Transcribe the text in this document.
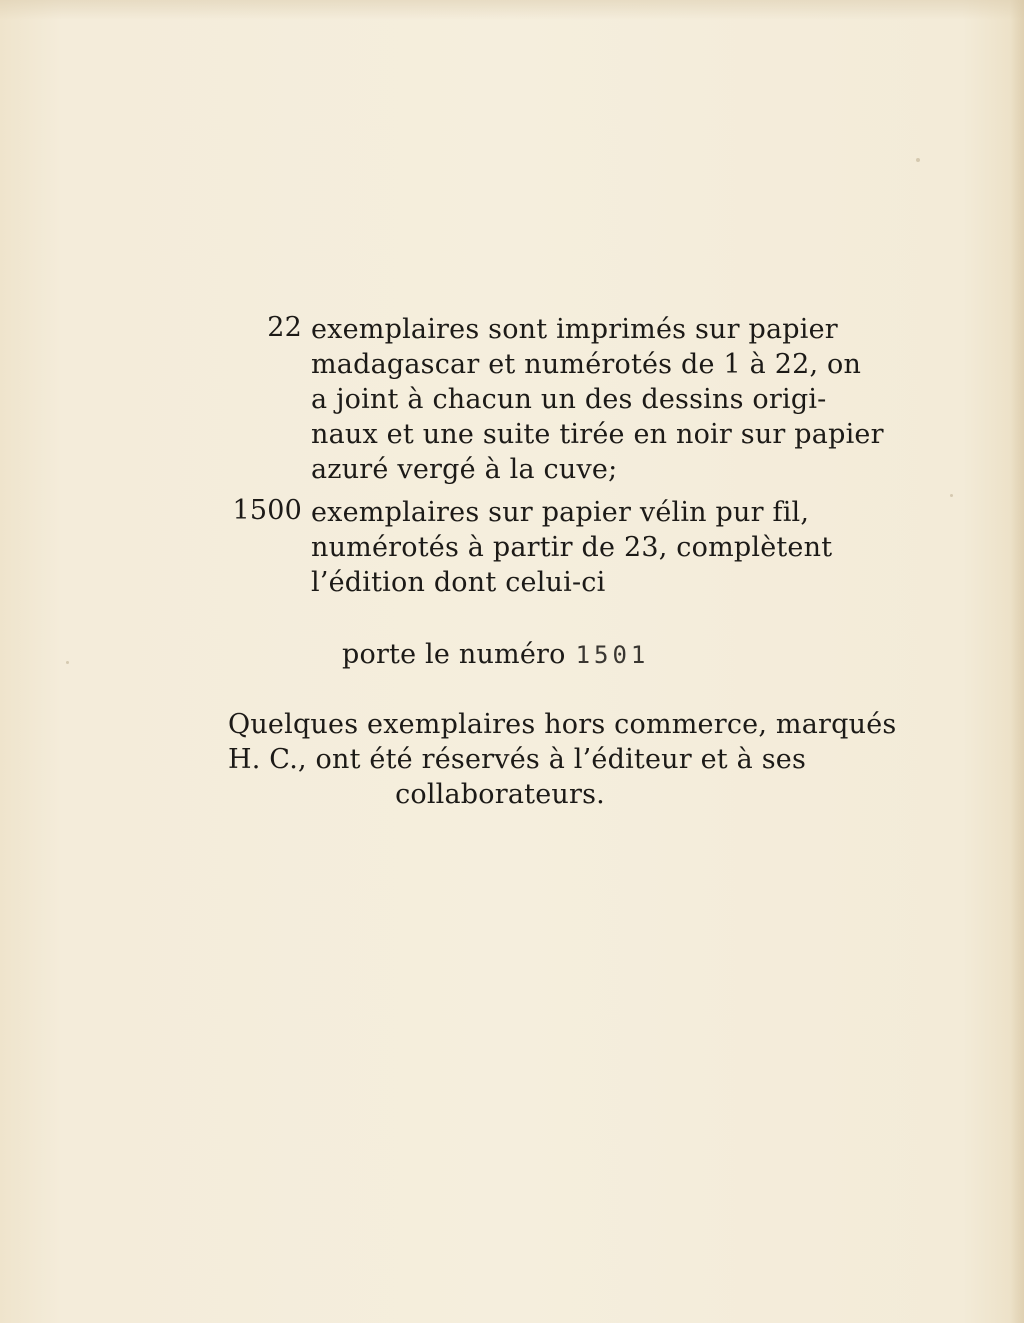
22 exemplaires sont imprimés sur papier
madagascar et numérotés de 1 à 22, on
a joint à chacun un des dessins origi-
naux et une suite tirée en noir sur papier
azuré vergé à la cuve;
1500 exemplaires sur papier vélin pur fil,
numérotés à partir de 23, complètent
l’édition dont celui-ci
porte le numéro 1501
Quelques exemplaires hors commerce, marqués
H. C., ont été réservés à l’éditeur et à ses
collaborateurs.
